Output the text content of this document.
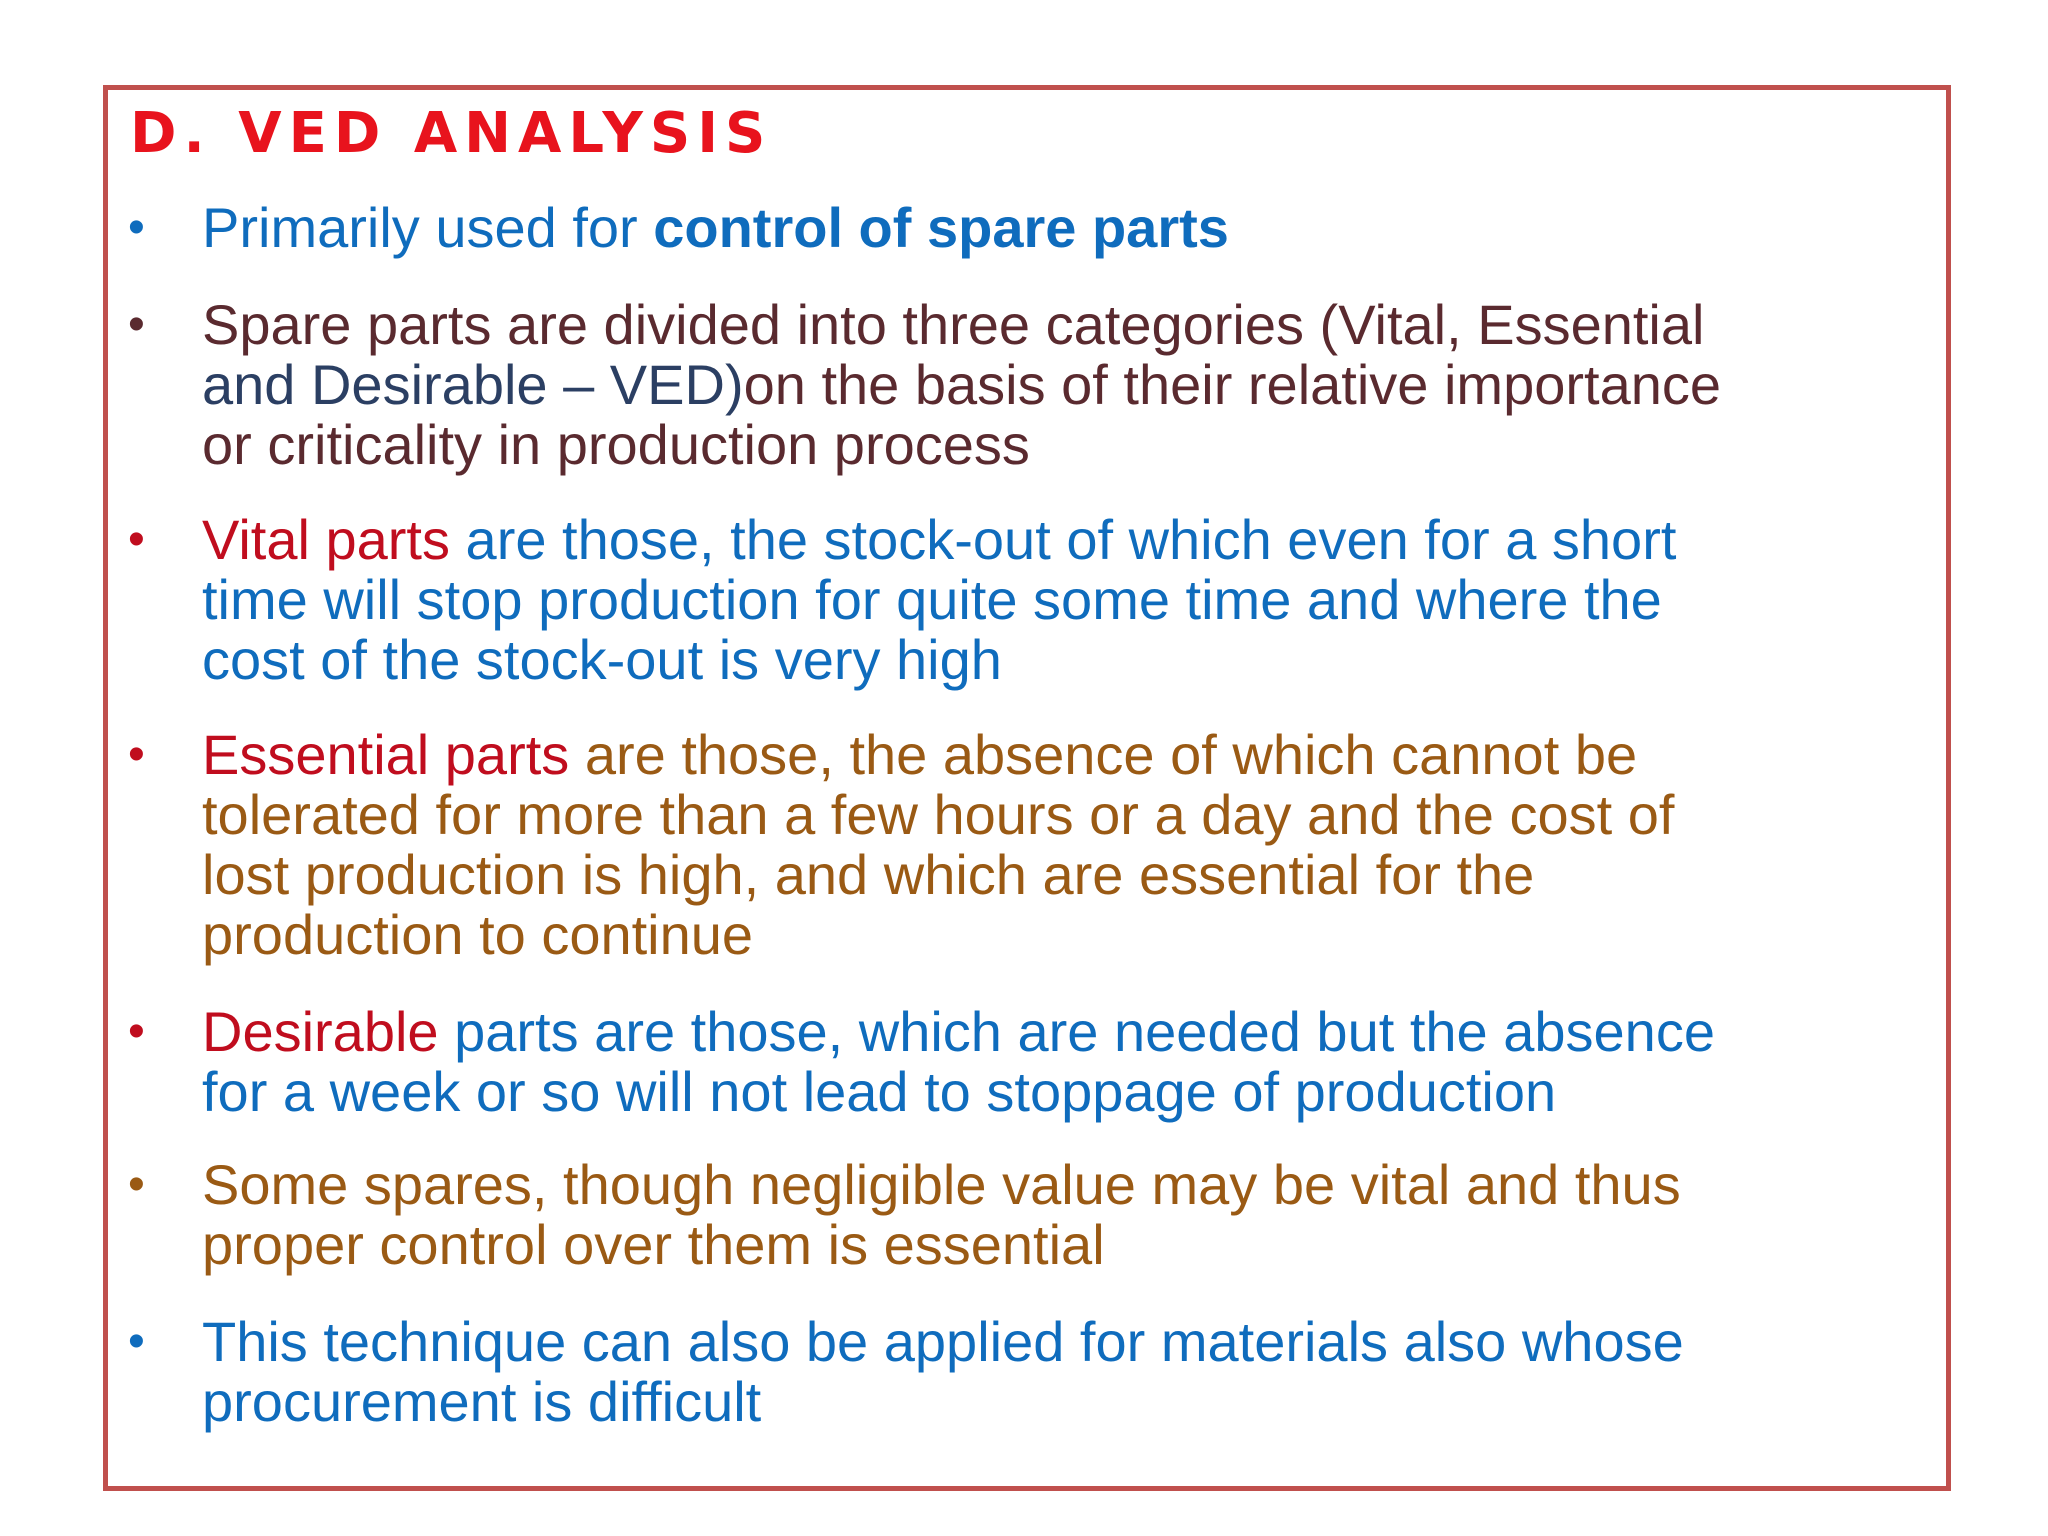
D. VED ANALYSIS
•	Primarily used for control of spare parts
•	Spare parts are divided into three categories (Vital, Essential
and Desirable – VED)on the basis of their relative importance
or criticality in production process
•	Vital parts are those, the stock-out of which even for a short
time will stop production for quite some time and where the
cost of the stock-out is very high
•	Essential parts are those, the absence of which cannot be
tolerated for more than a few hours or a day and the cost of
lost production is high, and which are essential for the
production to continue
•	Desirable parts are those, which are needed but the absence
for a week or so will not lead to stoppage of production
•	Some spares, though negligible value may be vital and thus
proper control over them is essential
•	This technique can also be applied for materials also whose
procurement is difficult
